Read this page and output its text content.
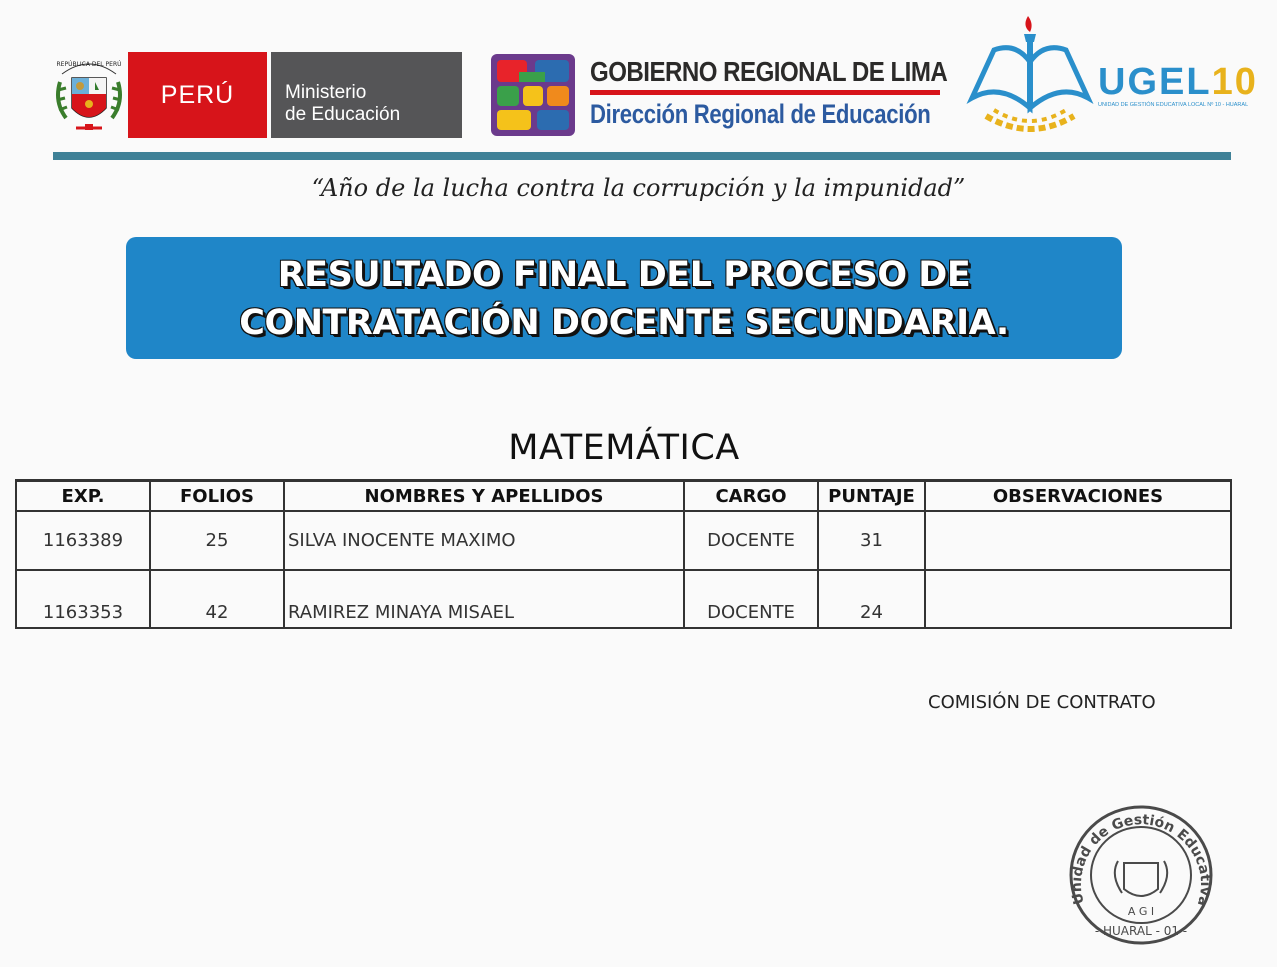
REPÚBLICA DEL PERÚ
PERÚ	Ministerio
de Educación
GOBIERNO REGIONAL DE LIMA
Dirección Regional de Educación
UGEL10
UNIDAD DE GESTIÓN EDUCATIVA LOCAL Nº 10 - HUARAL
“Año de la lucha contra la corrupción y la impunidad”
RESULTADO FINAL DEL PROCESO DE
CONTRATACIÓN DOCENTE SECUNDARIA.
MATEMÁTICA
EXP.	FOLIOS	NOMBRES Y APELLIDOS	CARGO	PUNTAJE	OBSERVACIONES
1163389	25	SILVA INOCENTE MAXIMO	DOCENTE	31	
1163353	42	RAMIREZ MINAYA MISAEL	DOCENTE	24	
COMISIÓN DE CONTRATO
Unidad de Gestión Educativa
- HUARAL - 01 -
A G I
